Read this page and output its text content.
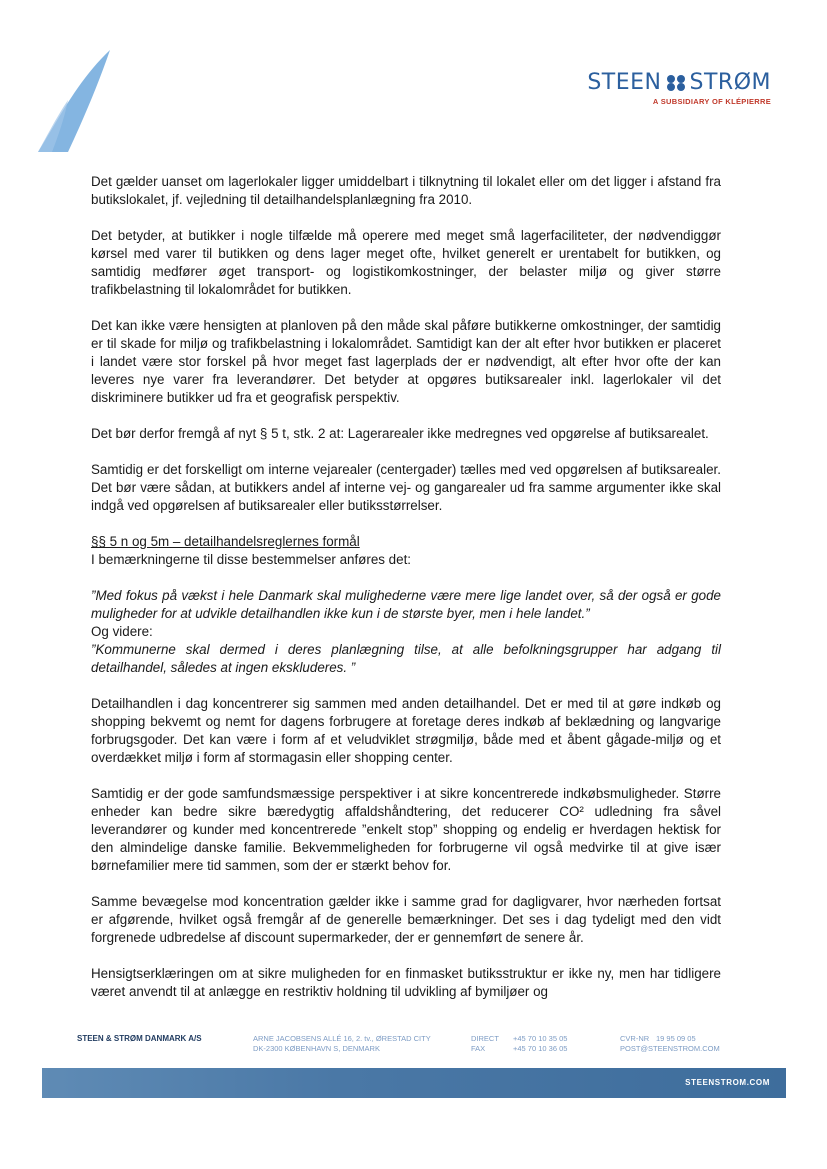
STEEN STRØM
A SUBSIDIARY OF KLÉPIERRE

Det gælder uanset om lagerlokaler ligger umiddelbart i tilknytning til lokalet eller om det ligger i afstand fra butikslokalet, jf. vejledning til detailhandelsplanlægning fra 2010.

Det betyder, at butikker i nogle tilfælde må operere med meget små lagerfaciliteter, der nødvendiggør kørsel med varer til butikken og dens lager meget ofte, hvilket generelt er urentabelt for butikken, og samtidig medfører øget transport- og logistikomkostninger, der belaster miljø og giver større trafikbelastning til lokalområdet for butikken.

Det kan ikke være hensigten at planloven på den måde skal påføre butikkerne omkostninger, der samtidig er til skade for miljø og trafikbelastning i lokalområdet. Samtidigt kan der alt efter hvor butikken er placeret i landet være stor forskel på hvor meget fast lagerplads der er nødvendigt, alt efter hvor ofte der kan leveres nye varer fra leverandører. Det betyder at opgøres butiksarealer inkl. lagerlokaler vil det diskriminere butikker ud fra et geografisk perspektiv.

Det bør derfor fremgå af nyt § 5 t, stk. 2 at: Lagerarealer ikke medregnes ved opgørelse af butiksarealet.

Samtidig er det forskelligt om interne vejarealer (centergader) tælles med ved opgørelsen af butiksarealer. Det bør være sådan, at butikkers andel af interne vej- og gangarealer ud fra samme argumenter ikke skal indgå ved opgørelsen af butiksarealer eller butiksstørrelser.

§§ 5 n og 5m – detailhandelsreglernes formål

I bemærkningerne til disse bestemmelser anføres det:

”Med fokus på vækst i hele Danmark skal mulighederne være mere lige landet over, så der også er gode muligheder for at udvikle detailhandlen ikke kun i de største byer, men i hele landet.”

Og videre:

”Kommunerne skal dermed i deres planlægning tilse, at alle befolkningsgrupper har adgang til detailhandel, således at ingen ekskluderes. ”

Detailhandlen i dag koncentrerer sig sammen med anden detailhandel. Det er med til at gøre indkøb og shopping bekvemt og nemt for dagens forbrugere at foretage deres indkøb af beklædning og langvarige forbrugsgoder. Det kan være i form af et veludviklet strøgmiljø, både med et åbent gågade-miljø og et overdækket miljø i form af stormagasin eller shopping center.

Samtidig er der gode samfundsmæssige perspektiver i at sikre koncentrerede indkøbsmuligheder. Større enheder kan bedre sikre bæredygtig affaldshåndtering, det reducerer CO² udledning fra såvel leverandører og kunder med koncentrerede ”enkelt stop” shopping og endelig er hverdagen hektisk for den almindelige danske familie. Bekvemmeligheden for forbrugerne vil også medvirke til at give især børnefamilier mere tid sammen, som der er stærkt behov for.

Samme bevægelse mod koncentration gælder ikke i samme grad for dagligvarer, hvor nærheden fortsat er afgørende, hvilket også fremgår af de generelle bemærkninger. Det ses i dag tydeligt med den vidt forgrenede udbredelse af discount supermarkeder, der er gennemført de senere år.

Hensigtserklæringen om at sikre muligheden for en finmasket butiksstruktur er ikke ny, men har tidligere været anvendt til at anlægge en restriktiv holdning til udvikling af bymiljøer og

STEEN & STRØM DANMARK A/S	ARNE JACOBSENS ALLÉ 16, 2. tv., ØRESTAD CITY
DK-2300 KØBENHAVN S, DENMARK
DIRECT +45 70 10 35 05
FAX	+45 70 10 36 05
CVR-NR 19 95 09 05
POST@STEENSTROM.COM
STEENSTROM.COM
